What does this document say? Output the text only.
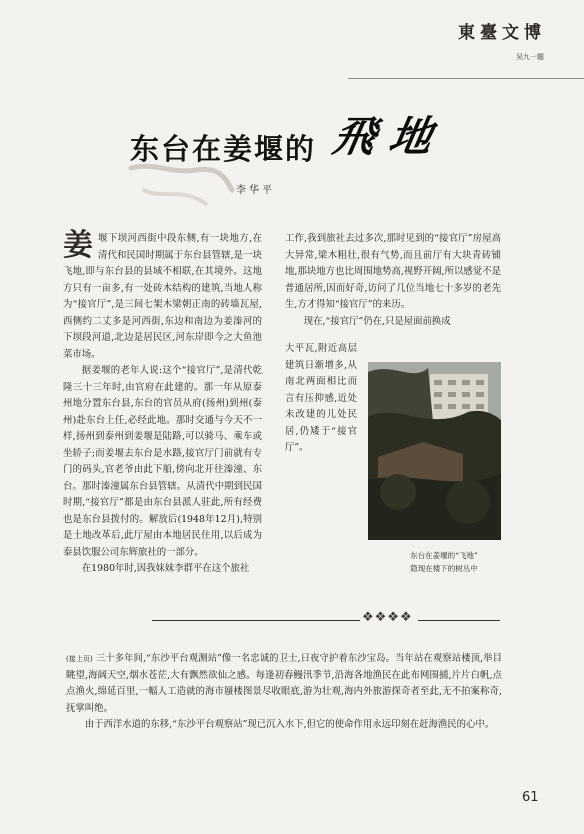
東臺文博
吴九一題
东台在姜堰的 飛地
李华平

姜堰下坝河西街中段东侧,有一块地方,在清代和民国时期属于东台县管辖,是一块飞地,即与东台县的县域不相联,在其境外。这地方只有一亩多,有一处砖木结构的建筑,当地人称为“接官厅”,是三间七架木梁朝正南的砖墙瓦屋,西侧约二丈多是河西街,东边和南边为姜溱河的下坝段河道,北边是居民区,河东岸即今之大鱼池菜市场。

据姜堰的老年人说:这个“接官厅”,是清代乾隆三十三年时,由官府在此建的。那一年从原泰州地分置东台县,东台的官员从府(扬州)到州(泰州)赴东台上任,必经此地。那时交通与今天不一样,扬州到泰州到姜堰是陆路,可以骑马、乘车或坐轿子;而姜堰去东台是水路,接官厅门前就有专门的码头,官老爷由此下船,傍向北开往溱潼、东台。那时溱潼属东台县管辖。从清代中期到民国时期,“接官厅”都是由东台县派人驻此,所有经费也是东台县拨付的。解放后(1948年12月),特别是土地改革后,此厅屋由本地居民住用,以后成为泰县饮服公司东辉旅社的一部分。

在1980年时,因我妹妹李群平在这个旅社

工作,我到旅社去过多次,那时见到的“接官厅”房屋高大异常,梁木粗壮,很有气势,而且前厅有大块青砖铺地,那块地方也比周围地势高,视野开阔,所以感觉不是普通居所,因而好奇,访问了几位当地七十多岁的老先生,方才得知“接官厅”的来历。

现在,“接官厅”仍在,只是屋面前换成

大平瓦,附近高层建筑日渐增多,从南北两面相比而言有压抑感,近处未改建的儿处民居,仍矮于“接官厅”。

东台在姜堰的“飞地”
隐现在楼下的树丛中
❖❖❖❖

(接上页) 三十多年间,“东沙平台观测站”像一名忠诚的卫士,日夜守护着东沙宝岛。当年站在观察站楼顶,举目眺望,海阔天空,烟水苍茫,大有飘然欲仙之感。每逢初春鳗汛季节,沿海各地渔民在此布网围捕,片片白帆,点点渔火,绵延百里,一幅人工造就的海市蜃楼图景尽收眼底,游为壮观,海内外旅游探奇者至此,无不拍案称奇,抚掌叫绝。

由于西洋水道的东移,“东沙平台观察站”现已沉入水下,但它的使命作用永远印刻在赶海渔民的心中。

61
